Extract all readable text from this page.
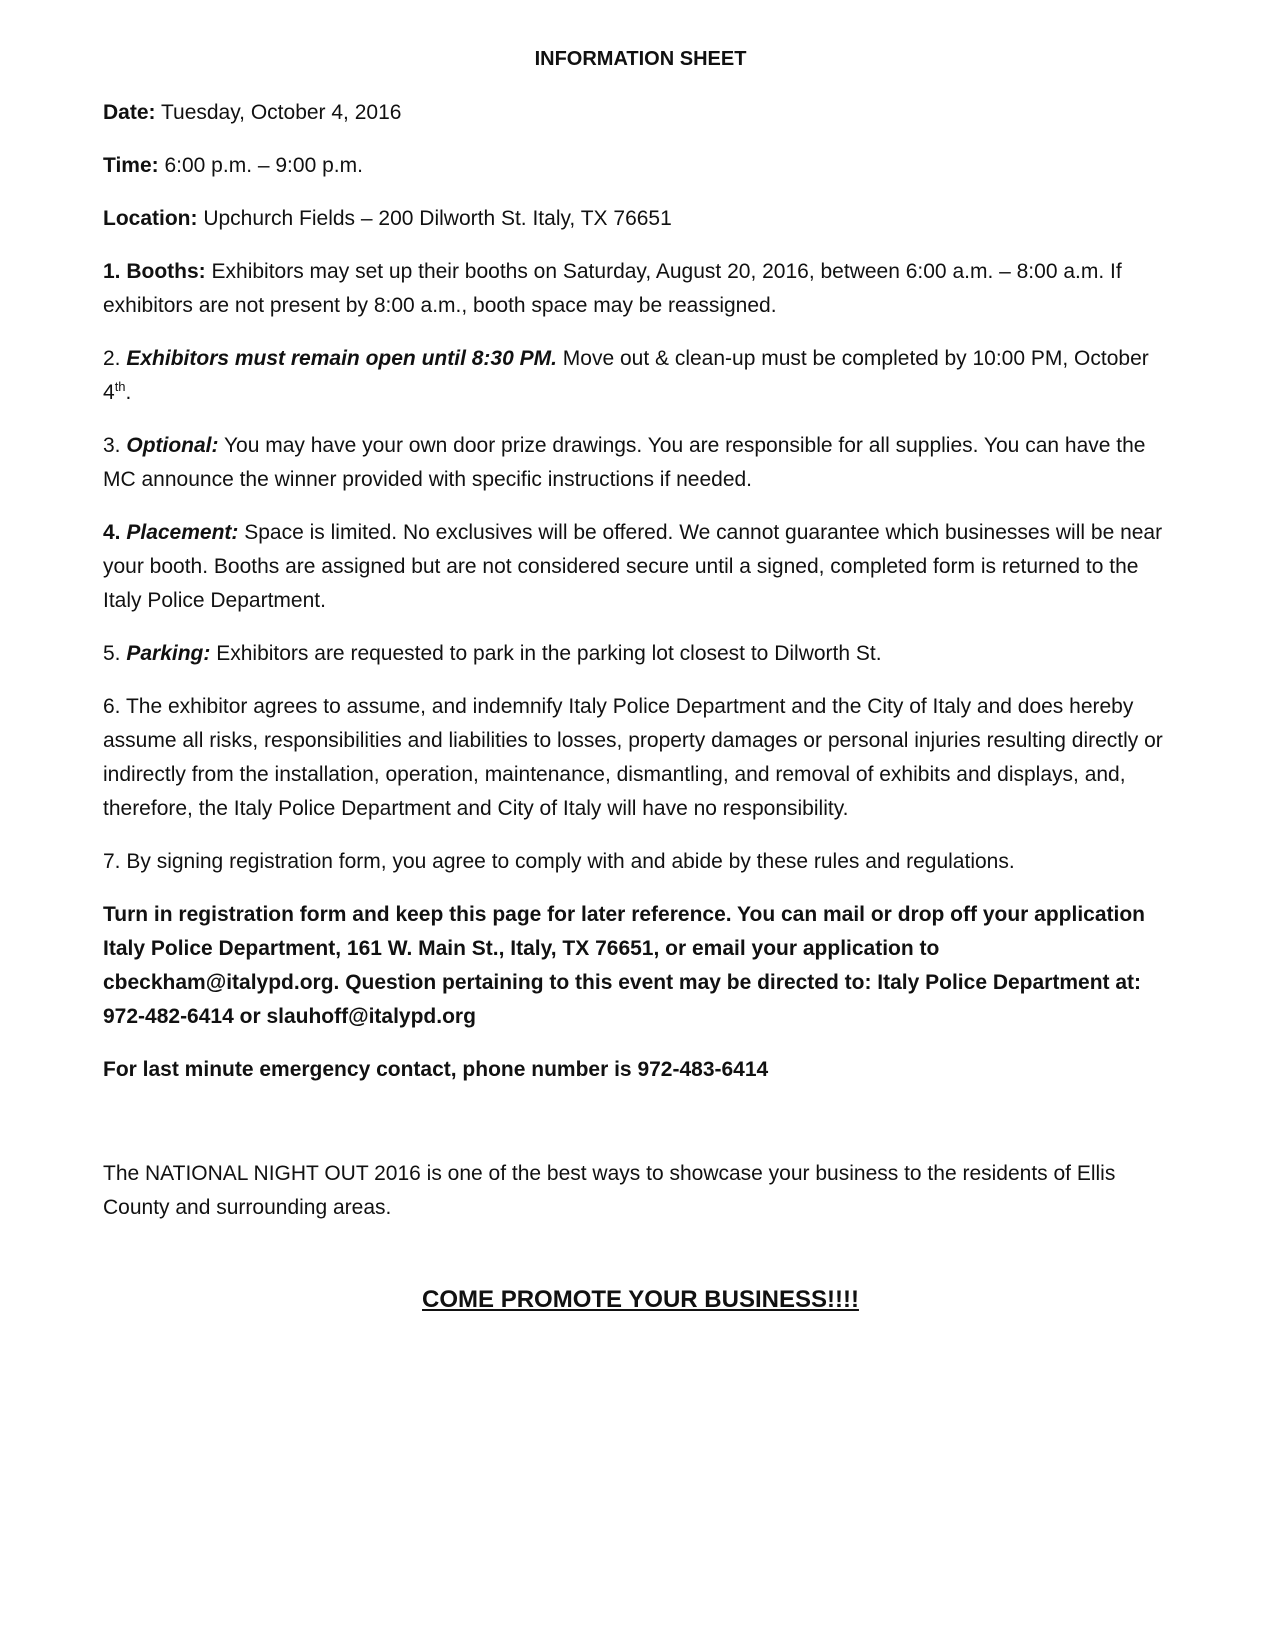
INFORMATION SHEET

Date: Tuesday, October 4, 2016

Time: 6:00 p.m. – 9:00 p.m.

Location: Upchurch Fields – 200 Dilworth St. Italy, TX 76651

1. Booths: Exhibitors may set up their booths on Saturday, August 20, 2016, between 6:00 a.m. – 8:00 a.m. If exhibitors are not present by 8:00 a.m., booth space may be reassigned.

2. Exhibitors must remain open until 8:30 PM. Move out & clean-up must be completed by 10:00 PM, October 4th.

3. Optional: You may have your own door prize drawings. You are responsible for all supplies. You can have the MC announce the winner provided with specific instructions if needed.

4. Placement: Space is limited. No exclusives will be offered. We cannot guarantee which businesses will be near your booth. Booths are assigned but are not considered secure until a signed, completed form is returned to the Italy Police Department.

5. Parking: Exhibitors are requested to park in the parking lot closest to Dilworth St.

6. The exhibitor agrees to assume, and indemnify Italy Police Department and the City of Italy and does hereby assume all risks, responsibilities and liabilities to losses, property damages or personal injuries resulting directly or indirectly from the installation, operation, maintenance, dismantling, and removal of exhibits and displays, and, therefore, the Italy Police Department and City of Italy will have no responsibility.

7. By signing registration form, you agree to comply with and abide by these rules and regulations.

Turn in registration form and keep this page for later reference. You can mail or drop off your application Italy Police Department, 161 W. Main St., Italy, TX 76651, or email your application to cbeckham@italypd.org. Question pertaining to this event may be directed to: Italy Police Department at: 972-482-6414 or slauhoff@italypd.org

For last minute emergency contact, phone number is 972-483-6414

The NATIONAL NIGHT OUT 2016 is one of the best ways to showcase your business to the residents of Ellis County and surrounding areas.

COME PROMOTE YOUR BUSINESS!!!!
